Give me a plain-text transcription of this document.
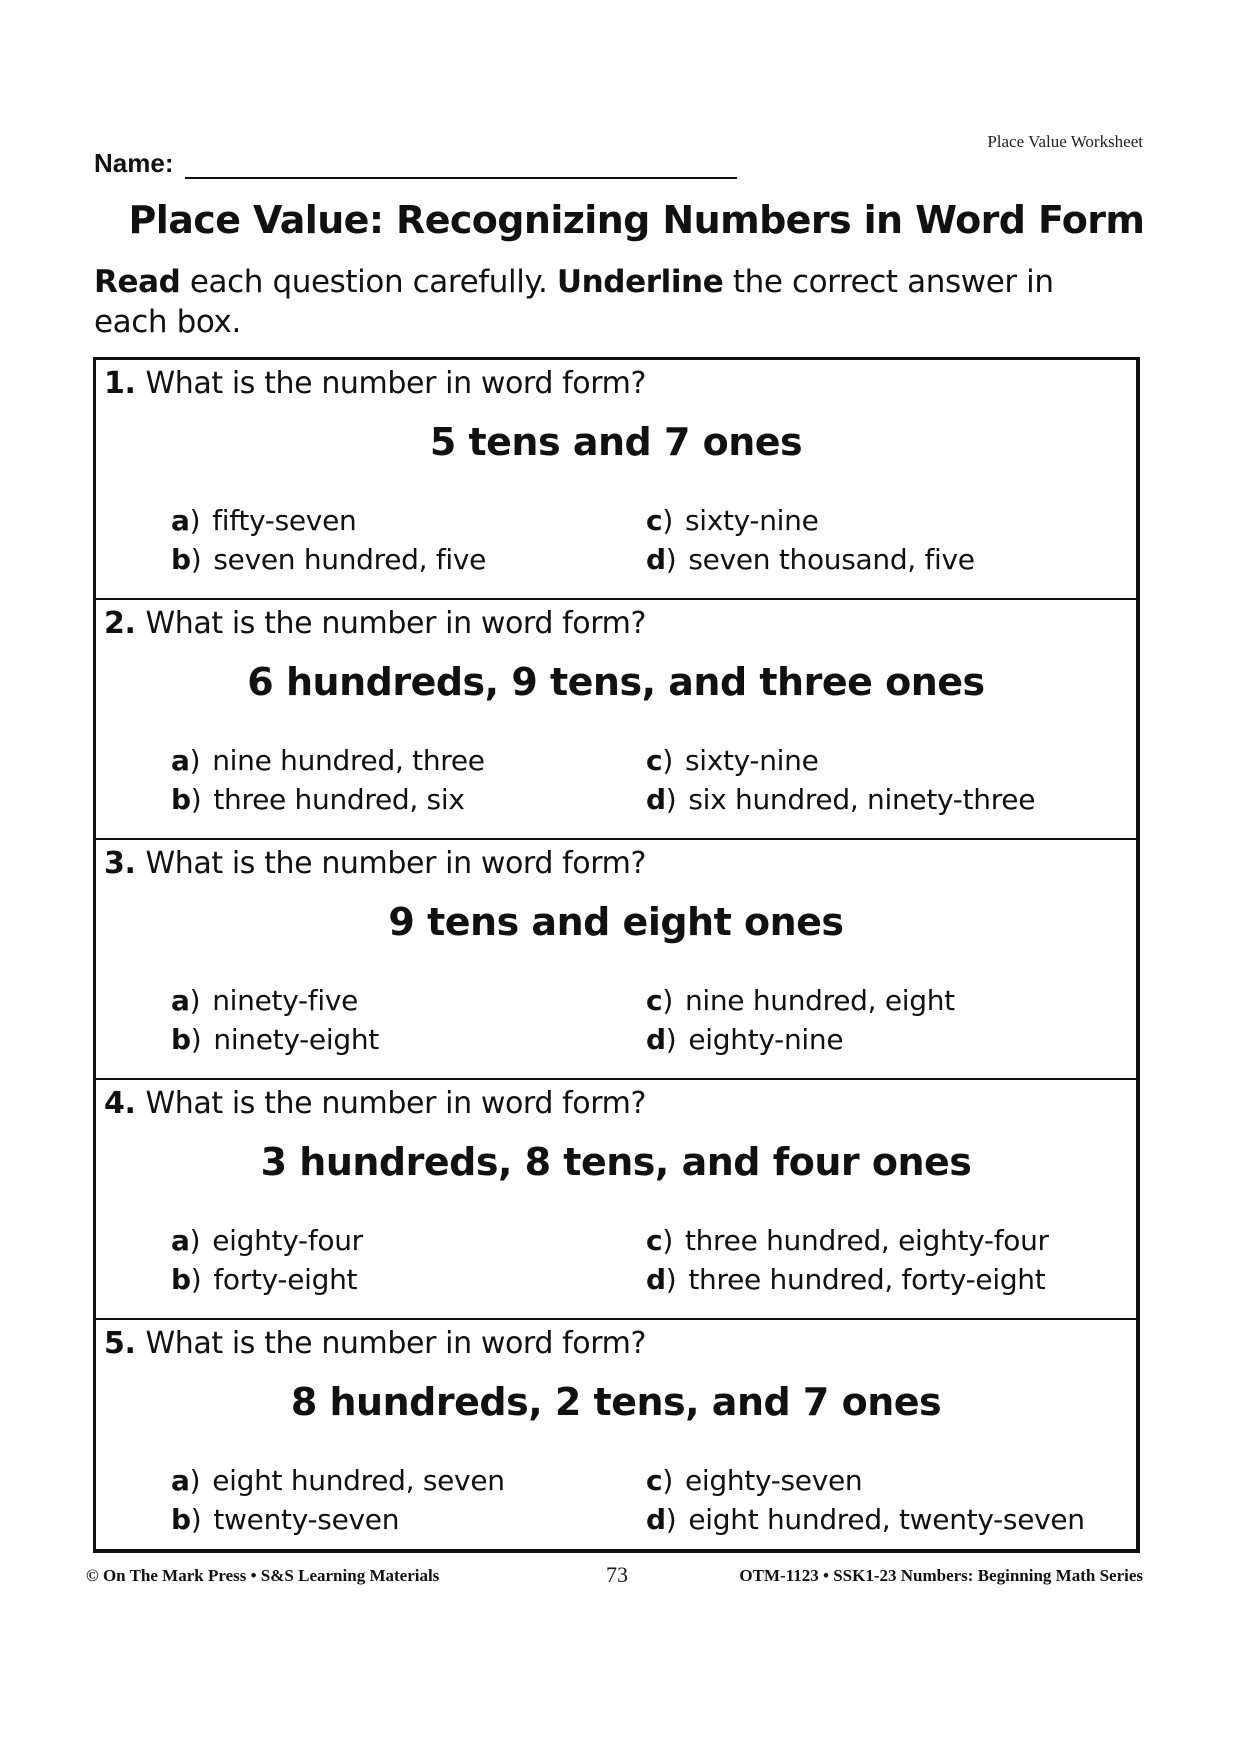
Place Value Worksheet
Name:
Place Value: Recognizing Numbers in Word Form
Read each question carefully. Underline the correct answer in each box.
1. What is the number in word form?
5 tens and 7 ones
a) fifty-seven	c) sixty-nine
b) seven hundred, five	d) seven thousand, five
2. What is the number in word form?
6 hundreds, 9 tens, and three ones
a) nine hundred, three	c) sixty-nine
b) three hundred, six	d) six hundred, ninety-three
3. What is the number in word form?
9 tens and eight ones
a) ninety-five	c) nine hundred, eight
b) ninety-eight	d) eighty-nine
4. What is the number in word form?
3 hundreds, 8 tens, and four ones
a) eighty-four	c) three hundred, eighty-four
b) forty-eight	d) three hundred, forty-eight
5. What is the number in word form?
8 hundreds, 2 tens, and 7 ones
a) eight hundred, seven	c) eighty-seven
b) twenty-seven	d) eight hundred, twenty-seven
© On The Mark Press • S&S Learning Materials	73	OTM-1123 • SSK1-23 Numbers: Beginning Math Series
